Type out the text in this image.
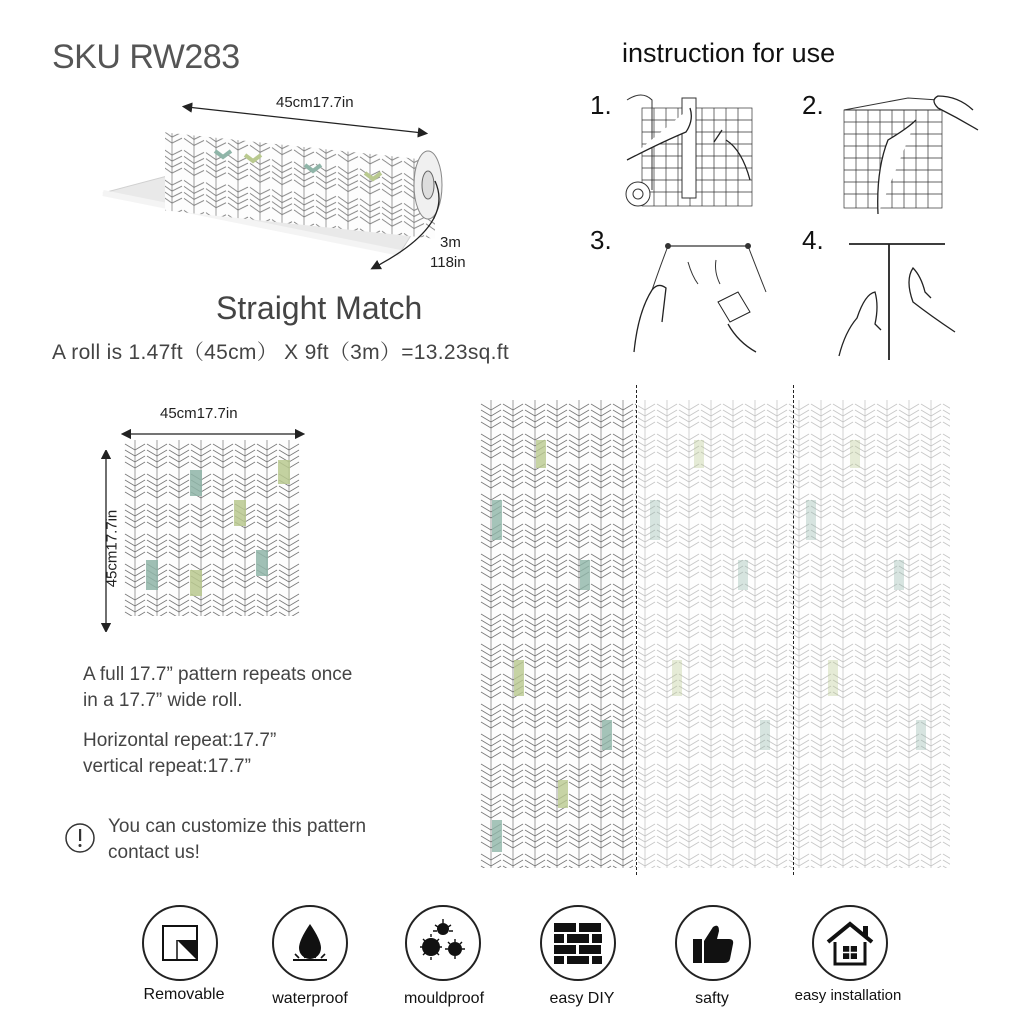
SKU RW283	instruction for use
45cm17.7in
3m
118in
Straight Match
A roll is 1.47ft（45cm） X 9ft（3m）=13.23sq.ft
1.	2.
3.	4.
45cm17.7in
45cm17.7in
A full 17.7” pattern repeats once
in a 17.7” wide roll.
Horizontal repeat:17.7”
vertical repeat:17.7”
You can customize this pattern
contact us!
Removable	waterproof	mouldproof	easy DIY	safty	easy installation
